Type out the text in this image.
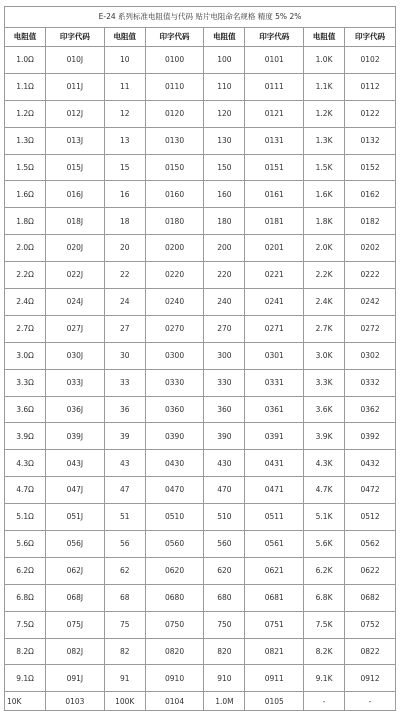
E-24 系列标准电阻值与代码 贴片电阻命名规格 精度 5% 2%							
电阻值	印字代码	电阻值	印字代码	电阻值	印字代码	电阻值	印字代码
1.0Ω	010J	10	0100	100	0101	1.0K	0102
1.1Ω	011J	11	0110	110	0111	1.1K	0112
1.2Ω	012J	12	0120	120	0121	1.2K	0122
1.3Ω	013J	13	0130	130	0131	1.3K	0132
1.5Ω	015J	15	0150	150	0151	1.5K	0152
1.6Ω	016J	16	0160	160	0161	1.6K	0162
1.8Ω	018J	18	0180	180	0181	1.8K	0182
2.0Ω	020J	20	0200	200	0201	2.0K	0202
2.2Ω	022J	22	0220	220	0221	2.2K	0222
2.4Ω	024J	24	0240	240	0241	2.4K	0242
2.7Ω	027J	27	0270	270	0271	2.7K	0272
3.0Ω	030J	30	0300	300	0301	3.0K	0302
3.3Ω	033J	33	0330	330	0331	3.3K	0332
3.6Ω	036J	36	0360	360	0361	3.6K	0362
3.9Ω	039J	39	0390	390	0391	3.9K	0392
4.3Ω	043J	43	0430	430	0431	4.3K	0432
4.7Ω	047J	47	0470	470	0471	4.7K	0472
5.1Ω	051J	51	0510	510	0511	5.1K	0512
5.6Ω	056J	56	0560	560	0561	5.6K	0562
6.2Ω	062J	62	0620	620	0621	6.2K	0622
6.8Ω	068J	68	0680	680	0681	6.8K	0682
7.5Ω	075J	75	0750	750	0751	7.5K	0752
8.2Ω	082J	82	0820	820	0821	8.2K	0822
9.1Ω	091J	91	0910	910	0911	9.1K	0912
10K	0103	100K	0104	1.0M	0105	-	-
